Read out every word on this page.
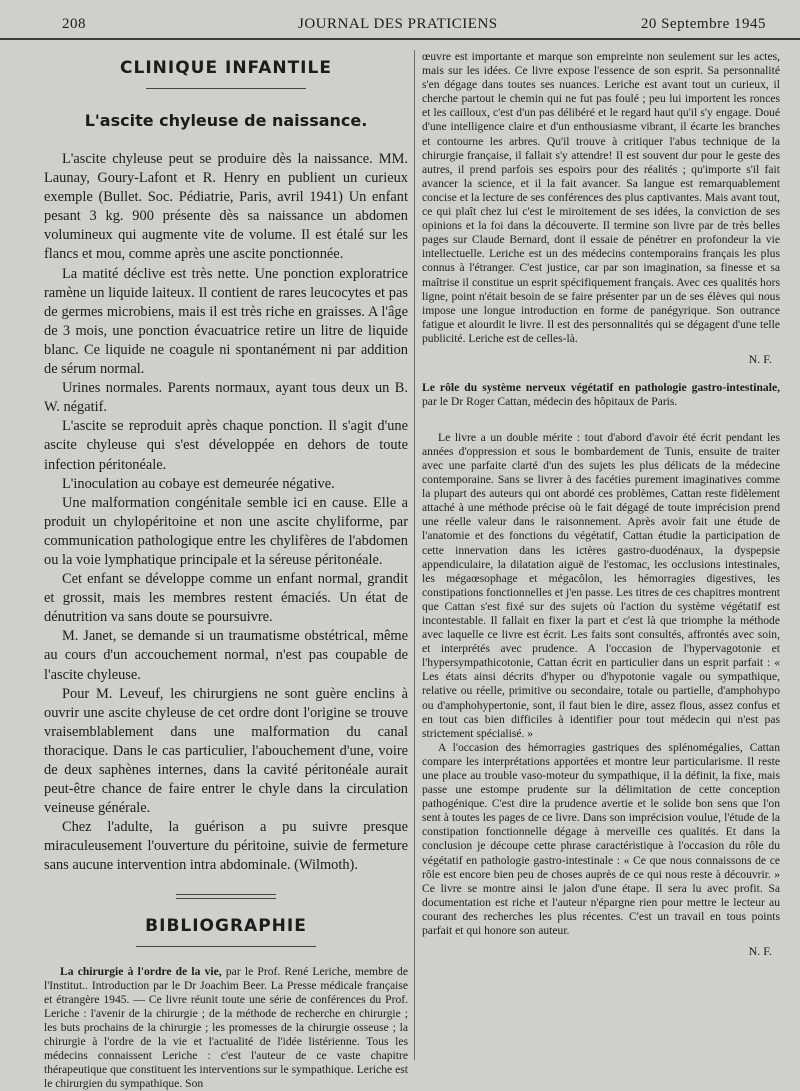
208	JOURNAL DES PRATICIENS	20 Septembre 1945
CLINIQUE INFANTILE
L'ascite chyleuse de naissance.

L'ascite chyleuse peut se produire dès la naissance. MM. Launay, Goury-Lafont et R. Henry en publient un curieux exemple (Bullet. Soc. Pédiatrie, Paris, avril 1941) Un enfant pesant 3 kg. 900 présente dès sa naissance un abdomen volumineux qui augmente vite de volume. Il est étalé sur les flancs et mou, comme après une ascite ponctionnée.

La matité déclive est très nette. Une ponction exploratrice ramène un liquide laiteux. Il contient de rares leucocytes et pas de germes microbiens, mais il est très riche en graisses. A l'âge de 3 mois, une ponction évacuatrice retire un litre de liquide blanc. Ce liquide ne coagule ni spontanément ni par addition de sérum normal.

Urines normales. Parents normaux, ayant tous deux un B. W. négatif.

L'ascite se reproduit après chaque ponction. Il s'agit d'une ascite chyleuse qui s'est développée en dehors de toute infection péritonéale.

L'inoculation au cobaye est demeurée négative.

Une malformation congénitale semble ici en cause. Elle a produit un chylopéritoine et non une ascite chyliforme, par communication pathologique entre les chylifères de l'abdomen ou la voie lymphatique principale et la séreuse péritonéale.

Cet enfant se développe comme un enfant normal, grandit et grossit, mais les membres restent émaciés. Un état de dénutrition va sans doute se poursuivre.

M. Janet, se demande si un traumatisme obstétrical, même au cours d'un accouchement normal, n'est pas coupable de l'ascite chyleuse.

Pour M. Leveuf, les chirurgiens ne sont guère enclins à ouvrir une ascite chyleuse de cet ordre dont l'origine se trouve vraisemblablement dans une malformation du canal thoracique. Dans le cas particulier, l'abouchement d'une, voire de deux saphènes internes, dans la cavité péritonéale aurait peut-être chance de faire entrer le chyle dans la circulation veineuse générale.

Chez l'adulte, la guérison a pu suivre presque miraculeusement l'ouverture du péritoine, suivie de fermeture sans aucune intervention intra abdominale. (Wilmoth).

BIBLIOGRAPHIE

La chirurgie à l'ordre de la vie, par le Prof. René Leriche, membre de l'Institut.. Introduction par le Dr Joachim Beer. La Presse médicale française et étrangère 1945. — Ce livre réunit toute une série de conférences du Prof. Leriche : l'avenir de la chirurgie ; de la méthode de recherche en chirurgie ; les buts prochains de la chirurgie ; les promesses de la chirurgie osseuse ; la chirurgie à l'ordre de la vie et l'actualité de l'idée listérienne. Tous les médecins connaissent Leriche : c'est l'auteur de ce vaste chapitre thérapeutique que constituent les interventions sur le sympathique. Leriche est le chirurgien du sympathique. Son

œuvre est importante et marque son empreinte non seulement sur les actes, mais sur les idées. Ce livre expose l'essence de son esprit. Sa personnalité s'en dégage dans toutes ses nuances. Leriche est avant tout un curieux, il cherche partout le chemin qui ne fut pas foulé ; peu lui importent les ronces et les cailloux, c'est d'un pas délibéré et le regard haut qu'il s'y engage. Doué d'une intelligence claire et d'un enthousiasme vibrant, il écarte les branches et contourne les arbres. Qu'il trouve à critiquer l'abus technique de la chirurgie française, il fallait s'y attendre! Il est souvent dur pour le geste des autres, il prend parfois ses espoirs pour des réalités ; qu'importe s'il fait avancer la science, et il la fait avancer. Sa langue est remarquablement concise et la lecture de ses conférences des plus captivantes. Mais avant tout, ce qui plaît chez lui c'est le miroitement de ses idées, la conviction de ses opinions et la foi dans la découverte. Il termine son livre par de très belles pages sur Claude Bernard, dont il essaie de pénétrer en profondeur la vie intellectuelle. Leriche est un des médecins contemporains français les plus connus à l'étranger. C'est justice, car par son imagination, sa finesse et sa maîtrise il constitue un esprit spécifiquement français. Avec ces qualités hors ligne, point n'était besoin de se faire présenter par un de ses élèves qui nous impose une longue introduction en forme de panégyrique. Son outrance fatigue et alourdit le livre. Il est des personnalités qui se dégagent d'une telle publicité. Leriche est de celles-là.

N. F.

Le rôle du système nerveux végétatif en pathologie gastro-intestinale, par le Dr Roger Cattan, médecin des hôpitaux de Paris.

Le livre a un double mérite : tout d'abord d'avoir été écrit pendant les années d'oppression et sous le bombardement de Tunis, ensuite de traiter avec une parfaite clarté d'un des sujets les plus délicats de la médecine contemporaine. Sans se livrer à des facéties purement imaginatives comme la plupart des auteurs qui ont abordé ces problèmes, Cattan reste fidèlement attaché à une méthode précise où le fait dégagé de toute imprécision prend une réelle valeur dans le raisonnement. Après avoir fait une étude de l'anatomie et des fonctions du végétatif, Cattan étudie la participation de cette innervation dans les ictères gastro-duodénaux, la dyspepsie appendiculaire, la dilatation aiguë de l'estomac, les occlusions intestinales, les mégaœsophage et mégacôlon, les hémorragies digestives, les constipations fonctionnelles et j'en passe. Les titres de ces chapitres montrent que Cattan s'est fixé sur des sujets où l'action du système végétatif est incontestable. Il fallait en fixer la part et c'est là que triomphe la méthode avec laquelle ce livre est écrit. Les faits sont consultés, affrontés avec soin, et interprétés avec prudence. A l'occasion de l'hypervagotonie et l'hypersympathicotonie, Cattan écrit en particulier dans un esprit parfait : « Les états ainsi décrits d'hyper ou d'hypotonie vagale ou sympathique, relative ou réelle, primitive ou secondaire, totale ou partielle, d'amphohypo ou d'amphohypertonie, sont, il faut bien le dire, assez flous, assez confus et en tout cas bien difficiles à identifier pour tout médecin qui n'est pas strictement spécialisé. »

A l'occasion des hémorragies gastriques des splénomégalies, Cattan compare les interprétations apportées et montre leur particularisme. Il reste une place au trouble vaso-moteur du sympathique, il la définit, la fixe, mais passe une estompe prudente sur la délimitation de cette conception pathogénique. C'est dire la prudence avertie et le solide bon sens que l'on sent à toutes les pages de ce livre. Dans son imprécision voulue, l'étude de la constipation fonctionnelle dégage à merveille ces qualités. Et dans la conclusion je découpe cette phrase caractéristique à l'occasion du rôle du végétatif en pathologie gastro-intestinale : « Ce que nous connaissons de ce rôle est encore bien peu de choses auprès de ce qui nous reste à découvrir. » Ce livre se montre ainsi le jalon d'une étape. Il sera lu avec profit. Sa documentation est riche et l'auteur n'épargne rien pour mettre le lecteur au courant des recherches les plus récentes. C'est un travail en tous points parfait et qui honore son auteur.

N. F.
